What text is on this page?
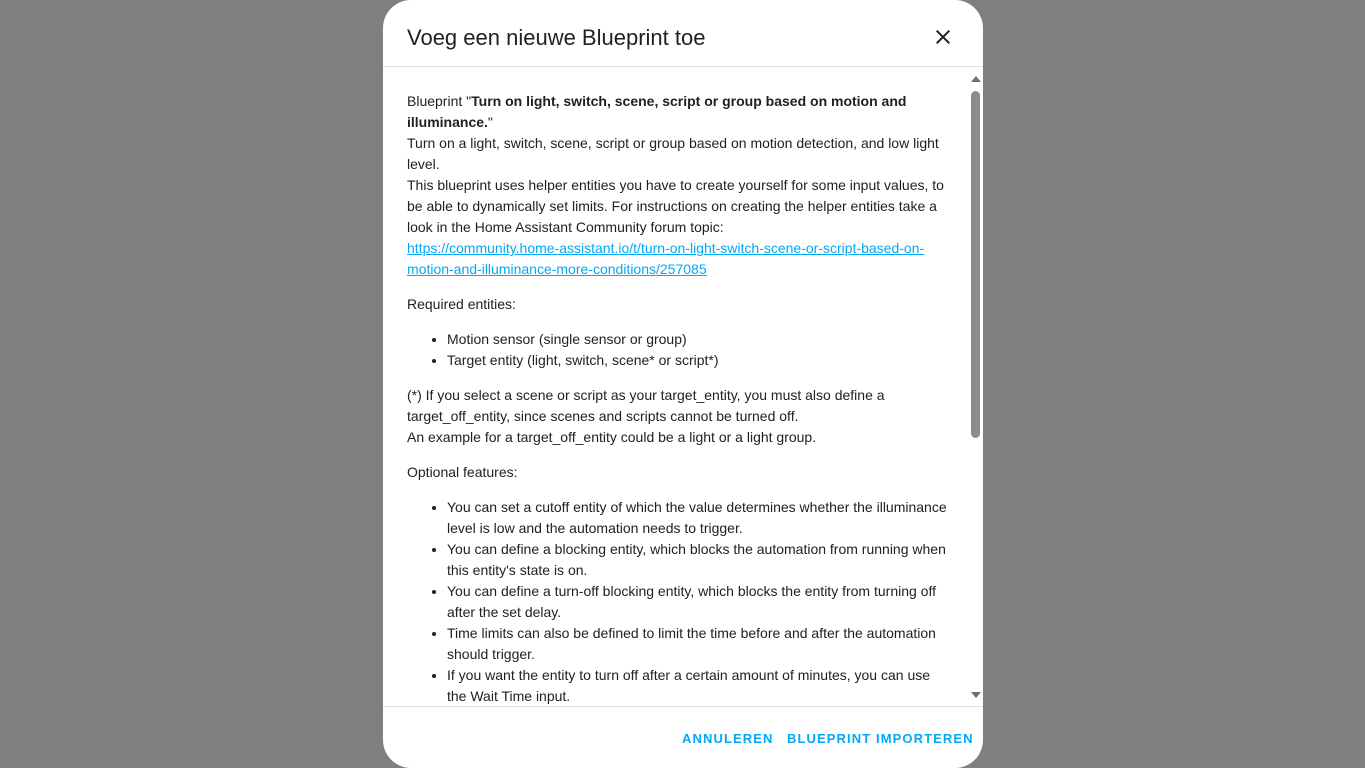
Voeg een nieuwe Blueprint toe

Blueprint "Turn on light, switch, scene, script or group based on motion and illuminance."
Turn on a light, switch, scene, script or group based on motion detection, and low light level.
This blueprint uses helper entities you have to create yourself for some input values, to be able to dynamically set limits. For instructions on creating the helper entities take a look in the Home Assistant Community forum topic:
https://community.home-assistant.io/t/turn-on-light-switch-scene-or-script-based-on-motion-and-illuminance-more-conditions/257085

Required entities:

• Motion sensor (single sensor or group)
• Target entity (light, switch, scene* or script*)

(*) If you select a scene or script as your target_entity, you must also define a target_off_entity, since scenes and scripts cannot be turned off.
An example for a target_off_entity could be a light or a light group.

Optional features:

• You can set a cutoff entity of which the value determines whether the illuminance level is low and the automation needs to trigger.
• You can define a blocking entity, which blocks the automation from running when this entity's state is on.
• You can define a turn-off blocking entity, which blocks the entity from turning off after the set delay.
• Time limits can also be defined to limit the time before and after the automation should trigger.
• If you want the entity to turn off after a certain amount of minutes, you can use the Wait Time input.
ANNULEREN	BLUEPRINT IMPORTEREN
